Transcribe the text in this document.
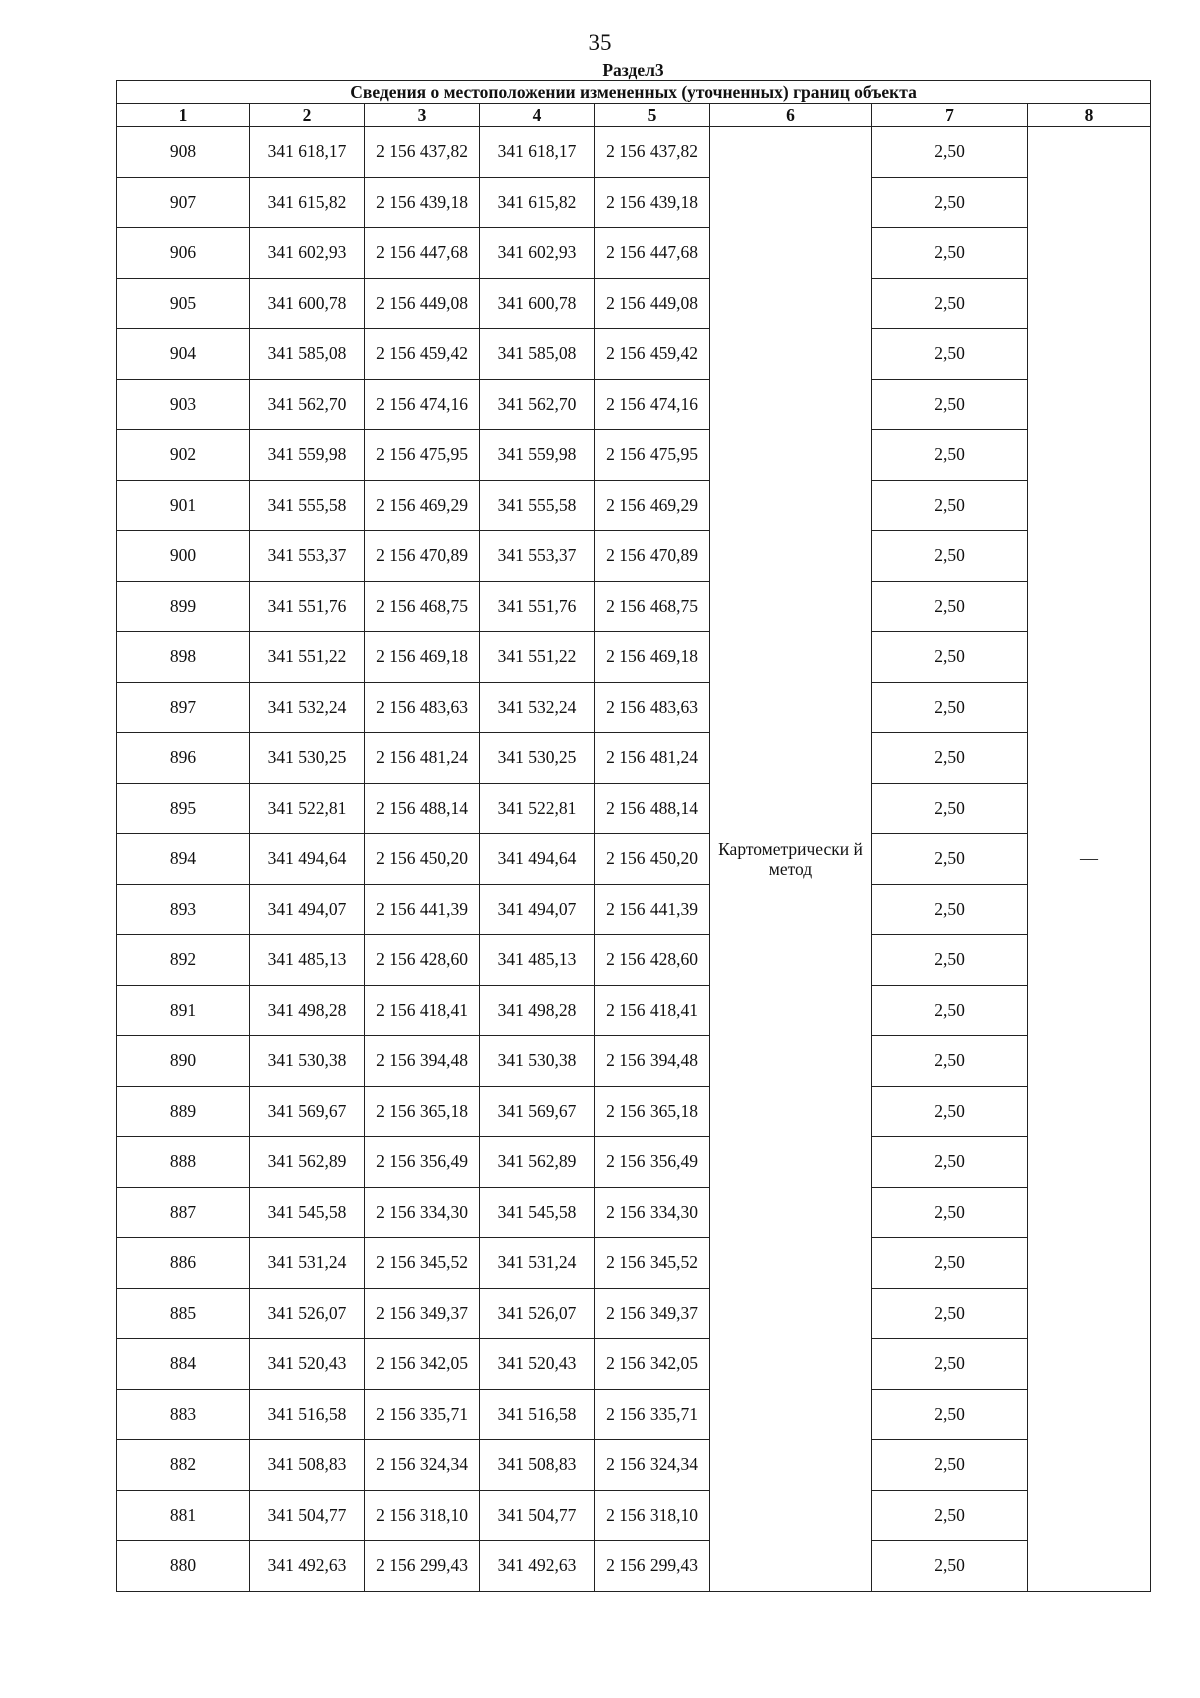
35
Раздел3
Сведения о местоположении измененных (уточненных) границ объекта							
1	2	3	4	5	6	7	8
908	341 618,17	2 156 437,82	341 618,17	2 156 437,82	Картометрически й метод	2,50	—
907	341 615,82	2 156 439,18	341 615,82	2 156 439,18		2,50	
906	341 602,93	2 156 447,68	341 602,93	2 156 447,68		2,50	
905	341 600,78	2 156 449,08	341 600,78	2 156 449,08		2,50	
904	341 585,08	2 156 459,42	341 585,08	2 156 459,42		2,50	
903	341 562,70	2 156 474,16	341 562,70	2 156 474,16		2,50	
902	341 559,98	2 156 475,95	341 559,98	2 156 475,95		2,50	
901	341 555,58	2 156 469,29	341 555,58	2 156 469,29		2,50	
900	341 553,37	2 156 470,89	341 553,37	2 156 470,89		2,50	
899	341 551,76	2 156 468,75	341 551,76	2 156 468,75		2,50	
898	341 551,22	2 156 469,18	341 551,22	2 156 469,18		2,50	
897	341 532,24	2 156 483,63	341 532,24	2 156 483,63		2,50	
896	341 530,25	2 156 481,24	341 530,25	2 156 481,24		2,50	
895	341 522,81	2 156 488,14	341 522,81	2 156 488,14		2,50	
894	341 494,64	2 156 450,20	341 494,64	2 156 450,20		2,50	
893	341 494,07	2 156 441,39	341 494,07	2 156 441,39		2,50	
892	341 485,13	2 156 428,60	341 485,13	2 156 428,60		2,50	
891	341 498,28	2 156 418,41	341 498,28	2 156 418,41		2,50	
890	341 530,38	2 156 394,48	341 530,38	2 156 394,48		2,50	
889	341 569,67	2 156 365,18	341 569,67	2 156 365,18		2,50	
888	341 562,89	2 156 356,49	341 562,89	2 156 356,49		2,50	
887	341 545,58	2 156 334,30	341 545,58	2 156 334,30		2,50	
886	341 531,24	2 156 345,52	341 531,24	2 156 345,52		2,50	
885	341 526,07	2 156 349,37	341 526,07	2 156 349,37		2,50	
884	341 520,43	2 156 342,05	341 520,43	2 156 342,05		2,50	
883	341 516,58	2 156 335,71	341 516,58	2 156 335,71		2,50	
882	341 508,83	2 156 324,34	341 508,83	2 156 324,34		2,50	
881	341 504,77	2 156 318,10	341 504,77	2 156 318,10		2,50	
880	341 492,63	2 156 299,43	341 492,63	2 156 299,43		2,50	
